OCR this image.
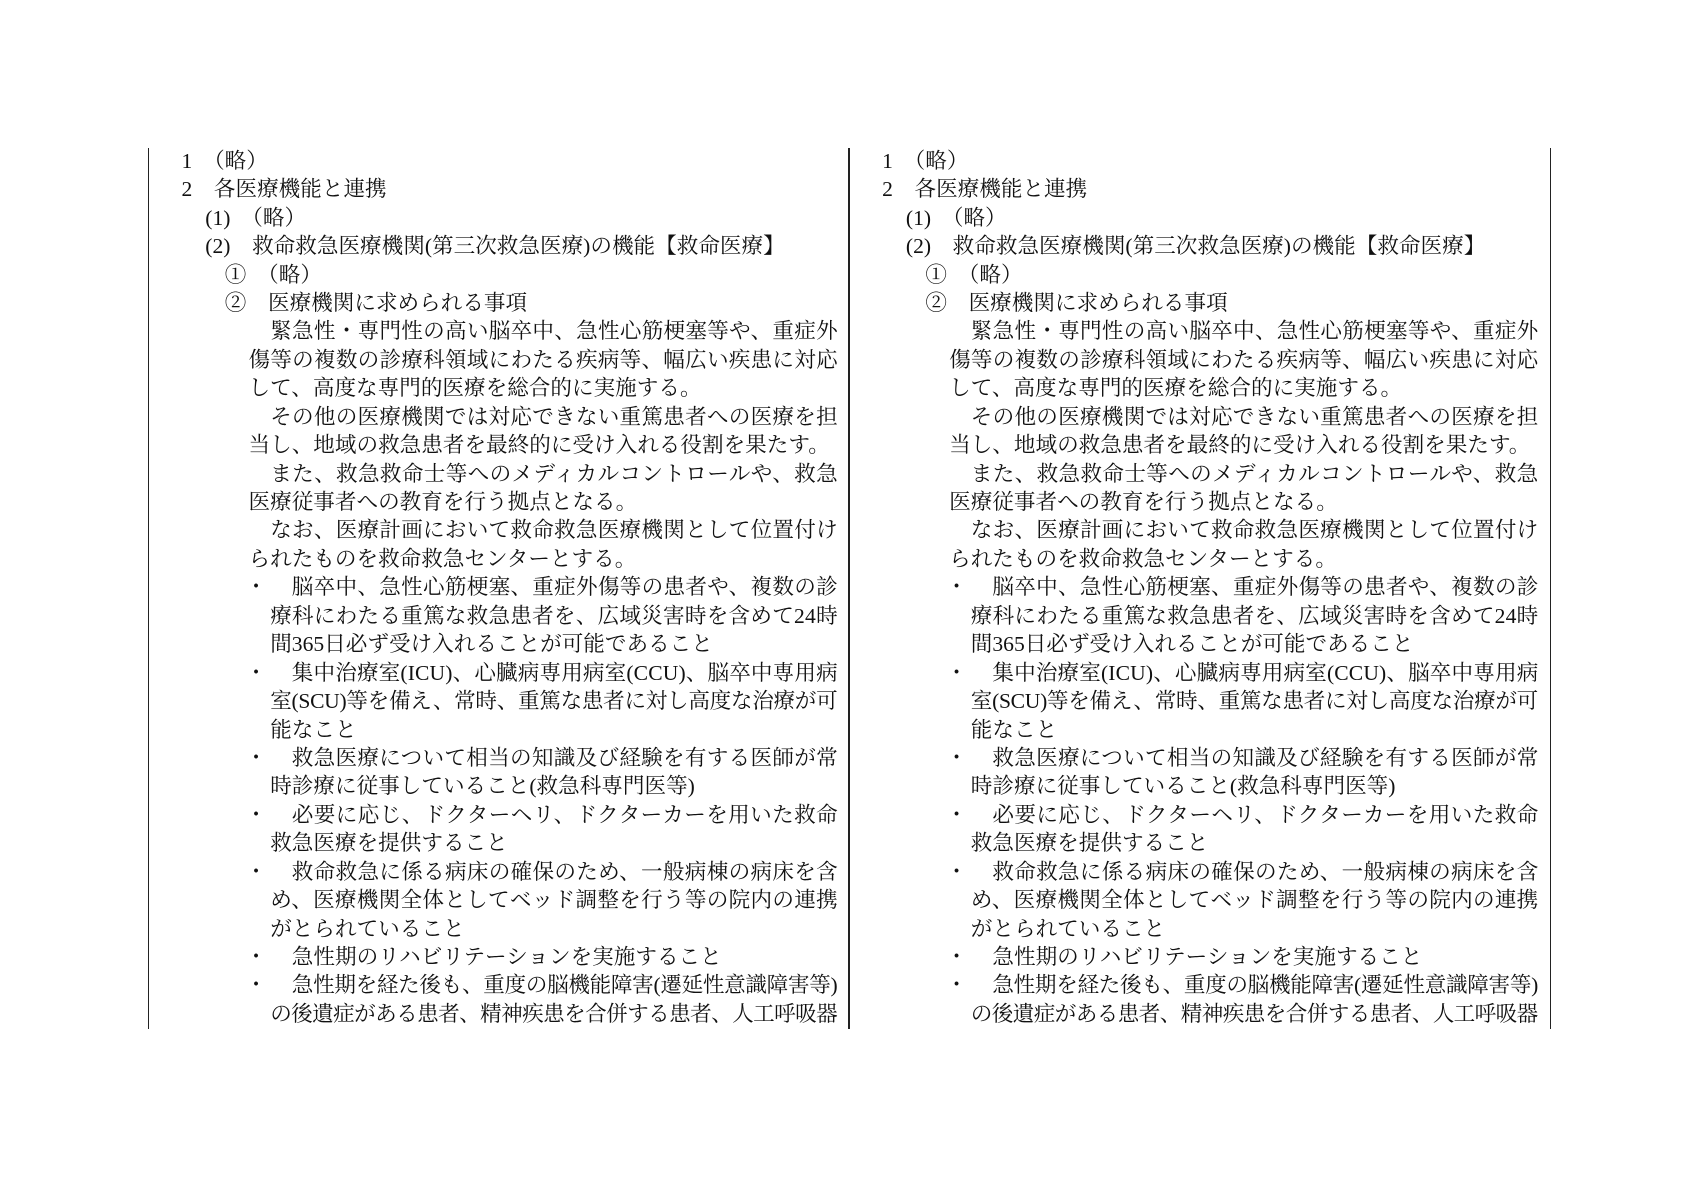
1　（略）
2　各医療機能と連携
(1)　（略）
(2)　救命救急医療機関(第三次救急医療)の機能【救命医療】
①　（略）
②　医療機関に求められる事項
緊急性・専門性の高い脳卒中、急性心筋梗塞等や、重症外
傷等の複数の診療科領域にわたる疾病等、幅広い疾患に対応
して、高度な専門的医療を総合的に実施する。
その他の医療機関では対応できない重篤患者への医療を担
当し、地域の救急患者を最終的に受け入れる役割を果たす。
また、救急救命士等へのメディカルコントロールや、救急
医療従事者への教育を行う拠点となる。
なお、医療計画において救命救急医療機関として位置付け
られたものを救命救急センターとする。
脳卒中、急性心筋梗塞、重症外傷等の患者や、複数の診
・
療科にわたる重篤な救急患者を、広域災害時を含めて24時
間365日必ず受け入れることが可能であること
集中治療室(ICU)、心臓病専用病室(CCU)、脳卒中専用病
・
室(SCU)等を備え、常時、重篤な患者に対し高度な治療が可
能なこと
救急医療について相当の知識及び経験を有する医師が常
・
時診療に従事していること(救急科専門医等)
必要に応じ、ドクターヘリ、ドクターカーを用いた救命
・
救急医療を提供すること
救命救急に係る病床の確保のため、一般病棟の病床を含
・
め、医療機関全体としてベッド調整を行う等の院内の連携
がとられていること
急性期のリハビリテーションを実施すること
・
急性期を経た後も、重度の脳機能障害(遷延性意識障害等)
・
の後遺症がある患者、精神疾患を合併する患者、人工呼吸器
1　（略）
2　各医療機能と連携
(1)　（略）
(2)　救命救急医療機関(第三次救急医療)の機能【救命医療】
①　（略）
②　医療機関に求められる事項
緊急性・専門性の高い脳卒中、急性心筋梗塞等や、重症外
傷等の複数の診療科領域にわたる疾病等、幅広い疾患に対応
して、高度な専門的医療を総合的に実施する。
その他の医療機関では対応できない重篤患者への医療を担
当し、地域の救急患者を最終的に受け入れる役割を果たす。
また、救急救命士等へのメディカルコントロールや、救急
医療従事者への教育を行う拠点となる。
なお、医療計画において救命救急医療機関として位置付け
られたものを救命救急センターとする。
脳卒中、急性心筋梗塞、重症外傷等の患者や、複数の診
・
療科にわたる重篤な救急患者を、広域災害時を含めて24時
間365日必ず受け入れることが可能であること
集中治療室(ICU)、心臓病専用病室(CCU)、脳卒中専用病
・
室(SCU)等を備え、常時、重篤な患者に対し高度な治療が可
能なこと
救急医療について相当の知識及び経験を有する医師が常
・
時診療に従事していること(救急科専門医等)
必要に応じ、ドクターヘリ、ドクターカーを用いた救命
・
救急医療を提供すること
救命救急に係る病床の確保のため、一般病棟の病床を含
・
め、医療機関全体としてベッド調整を行う等の院内の連携
がとられていること
急性期のリハビリテーションを実施すること
・
急性期を経た後も、重度の脳機能障害(遷延性意識障害等)
・
の後遺症がある患者、精神疾患を合併する患者、人工呼吸器
